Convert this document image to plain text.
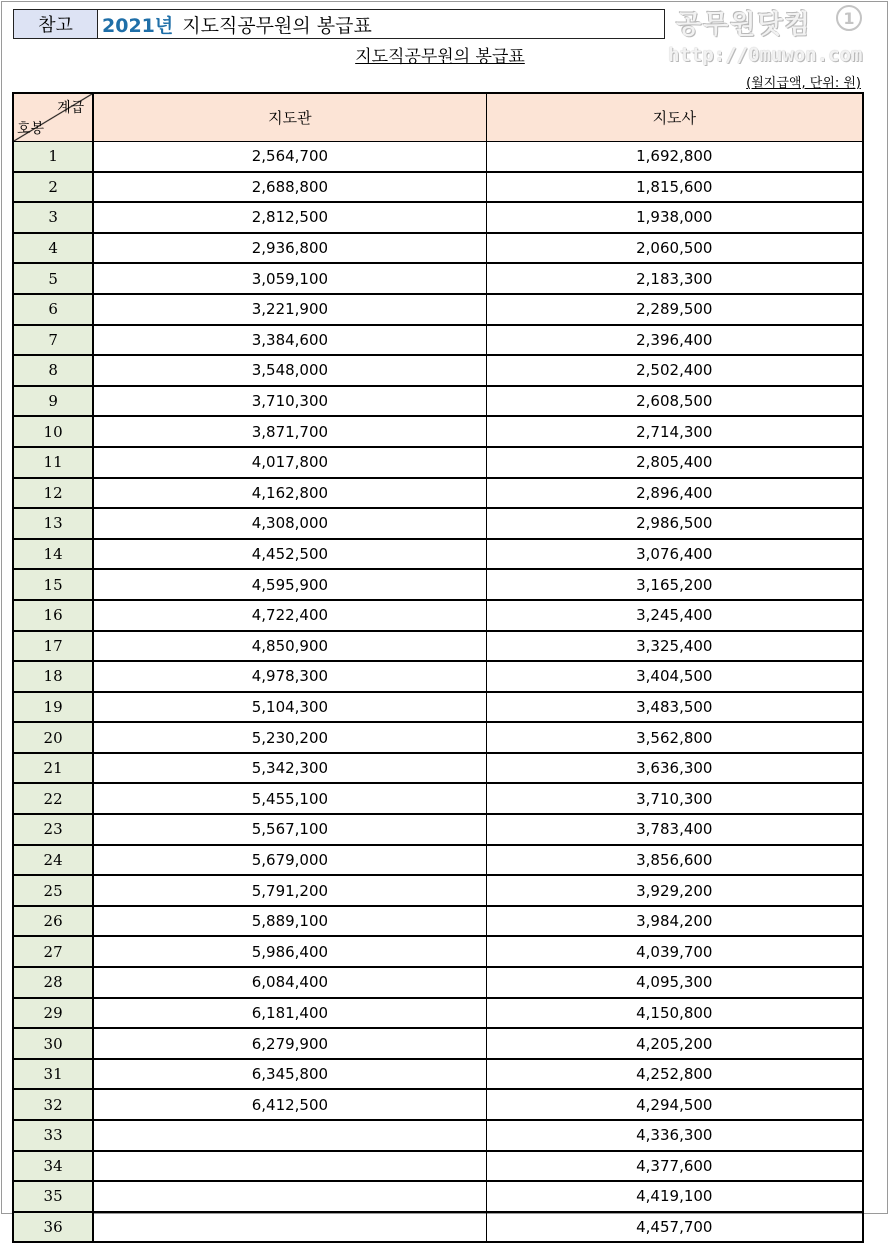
참고	2021년 지도직공무원의 봉급표	공무원닷컴	1
http://0muwon.com
지도직공무원의 봉급표
(월지급액, 단위: 원)
계급
호봉	지도관	지도사
1	2,564,700	1,692,800
2	2,688,800	1,815,600
3	2,812,500	1,938,000
4	2,936,800	2,060,500
5	3,059,100	2,183,300
6	3,221,900	2,289,500
7	3,384,600	2,396,400
8	3,548,000	2,502,400
9	3,710,300	2,608,500
10	3,871,700	2,714,300
11	4,017,800	2,805,400
12	4,162,800	2,896,400
13	4,308,000	2,986,500
14	4,452,500	3,076,400
15	4,595,900	3,165,200
16	4,722,400	3,245,400
17	4,850,900	3,325,400
18	4,978,300	3,404,500
19	5,104,300	3,483,500
20	5,230,200	3,562,800
21	5,342,300	3,636,300
22	5,455,100	3,710,300
23	5,567,100	3,783,400
24	5,679,000	3,856,600
25	5,791,200	3,929,200
26	5,889,100	3,984,200
27	5,986,400	4,039,700
28	6,084,400	4,095,300
29	6,181,400	4,150,800
30	6,279,900	4,205,200
31	6,345,800	4,252,800
32	6,412,500	4,294,500
33		4,336,300
34		4,377,600
35		4,419,100
36		4,457,700
